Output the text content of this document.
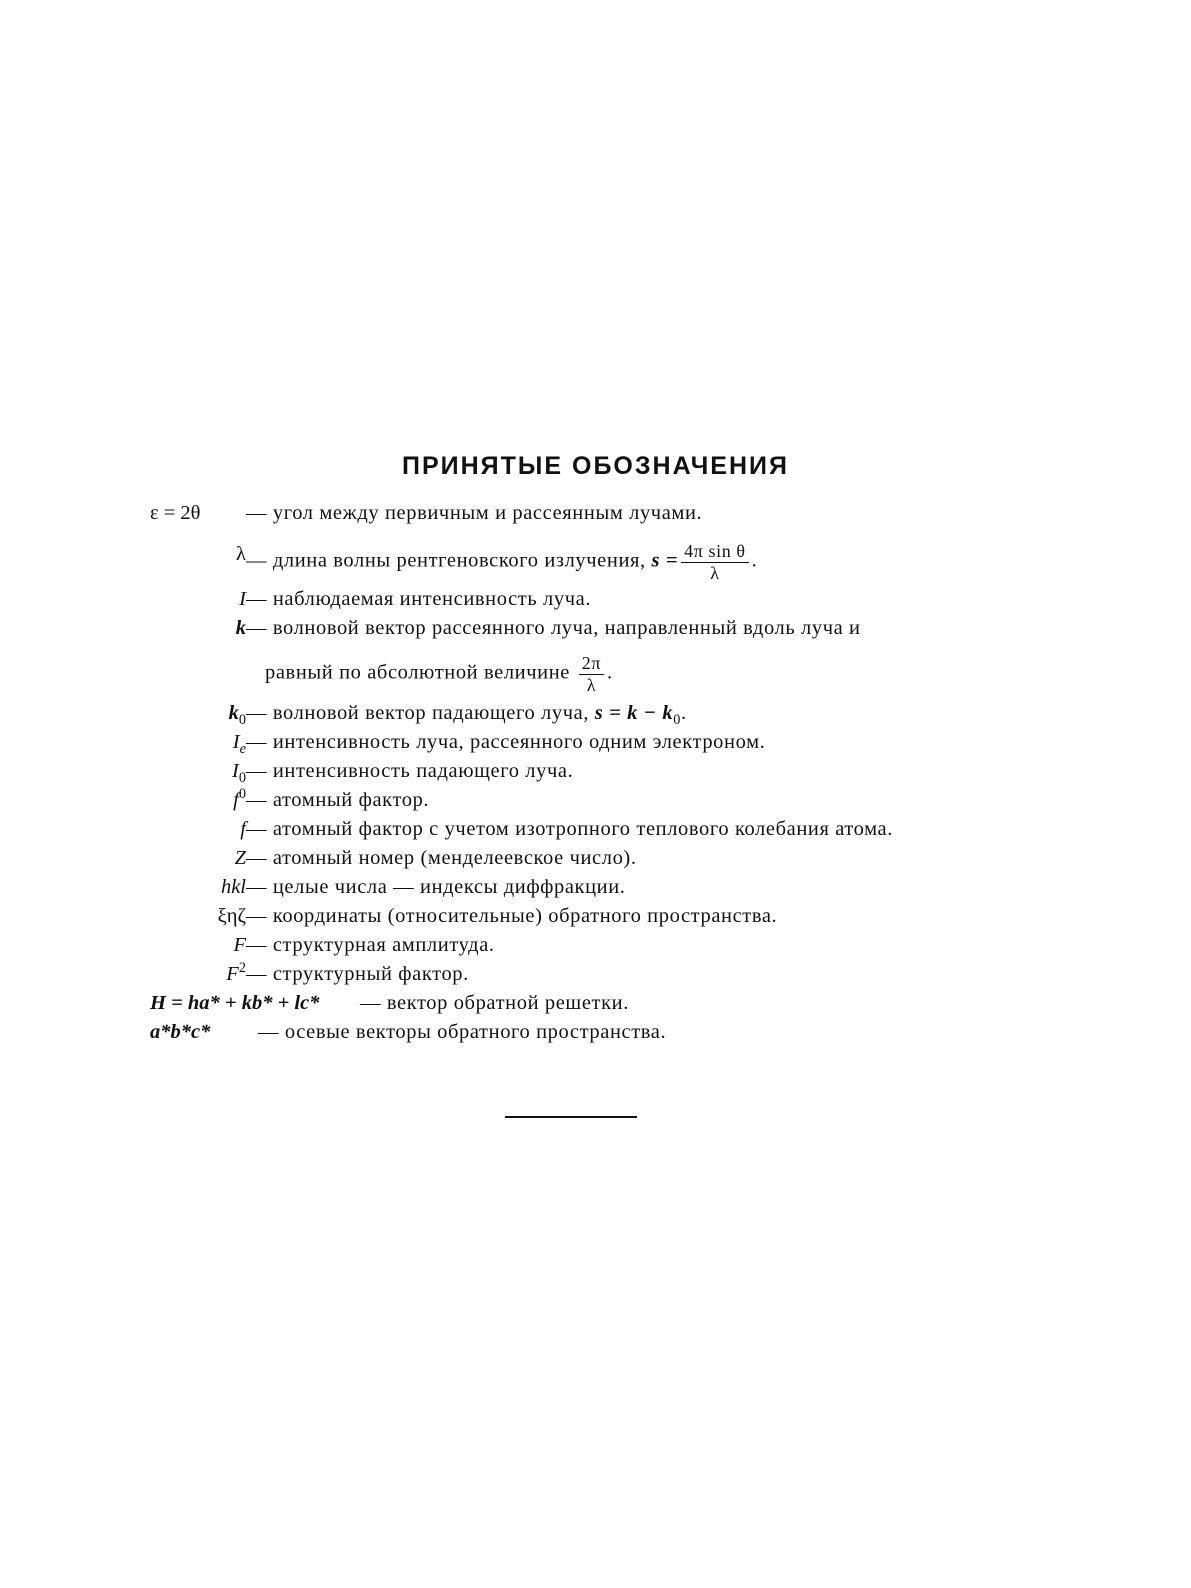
ПРИНЯТЫЕ ОБОЗНАЧЕНИЯ
ε = 2θ — угол между первичным и рассеянным лучами.
λ — длина волны рентгеновского излучения, $s = \frac{\text{4π sin θ}}{\lambda}$ .
I — наблюдаемая интенсивность луча.
k — волновой вектор рассеянного луча, направленный вдоль луча и
равный по абсолютной величине $\frac{2\pi}{\lambda}$ .
$k_0$ — волновой вектор падающего луча, $s = k - k_0$.
$I_e$ — интенсивность луча, рассеянного одним электроном.
$I_0$ — интенсивность падающего луча.
$f^0$ — атомный фактор.
f — атомный фактор с учетом изотропного теплового колебания атома.
Z — атомный номер (менделеевское число).
hkl — целые числа — индексы диффракции.
ξηζ — координаты (относительные) обратного пространства.
F — структурная амплитуда.
$F^2$ — структурный фактор.
H = ha* + kb* + lc* — вектор обратной решетки.
a*b*c* — осевые векторы обратного пространства.
